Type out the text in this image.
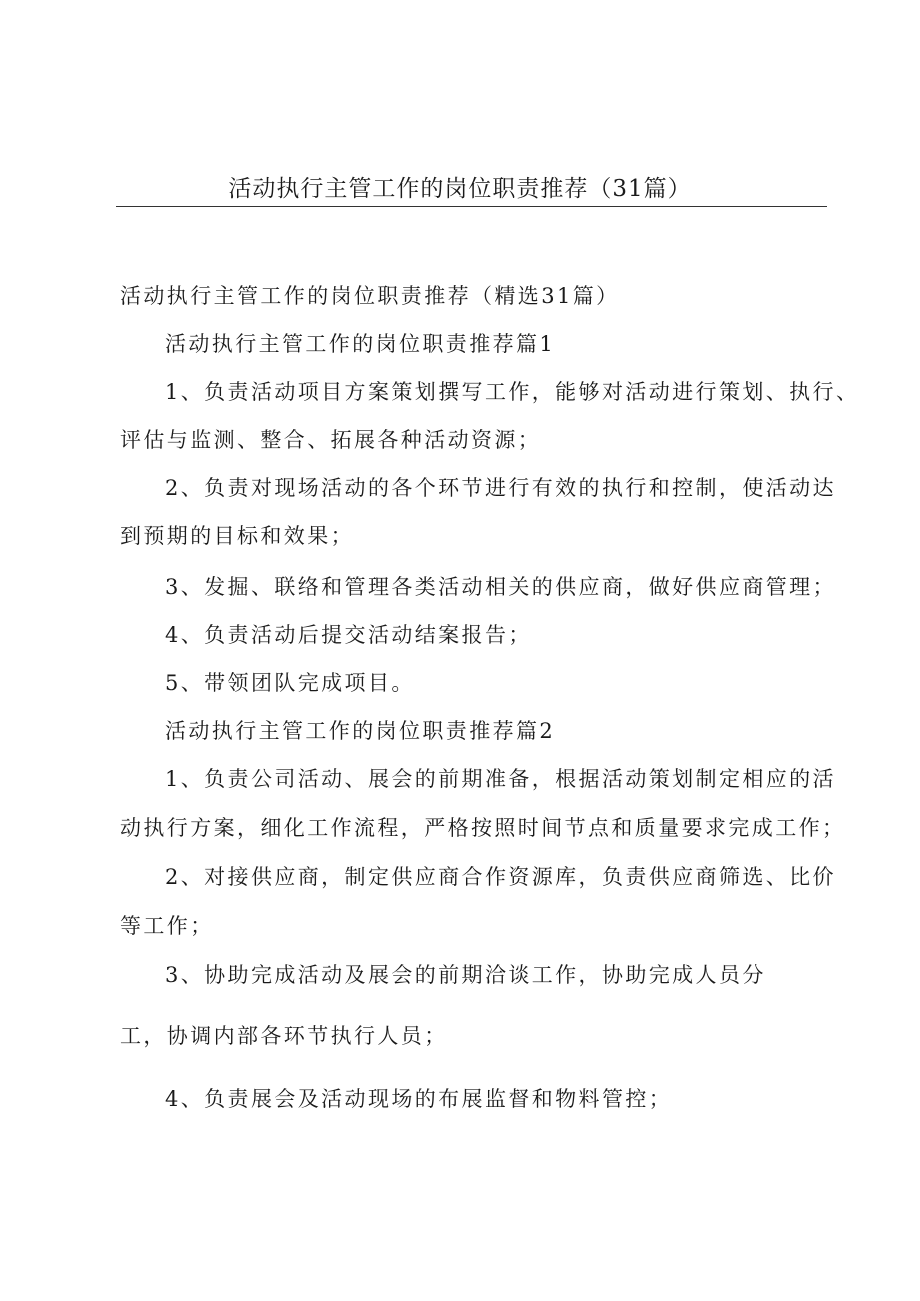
活动执行主管工作的岗位职责推荐（31篇）
活动执行主管工作的岗位职责推荐（精选31篇）
活动执行主管工作的岗位职责推荐篇1
1、负责活动项目方案策划撰写工作，能够对活动进行策划、执行、
评估与监测、整合、拓展各种活动资源；
2、负责对现场活动的各个环节进行有效的执行和控制，使活动达
到预期的目标和效果；
3、发掘、联络和管理各类活动相关的供应商，做好供应商管理；
4、负责活动后提交活动结案报告；
5、带领团队完成项目。
活动执行主管工作的岗位职责推荐篇2
1、负责公司活动、展会的前期准备，根据活动策划制定相应的活
动执行方案，细化工作流程，严格按照时间节点和质量要求完成工作；
2、对接供应商，制定供应商合作资源库，负责供应商筛选、比价
等工作；
3、协助完成活动及展会的前期洽谈工作，协助完成人员分
工，协调内部各环节执行人员；
4、负责展会及活动现场的布展监督和物料管控；
